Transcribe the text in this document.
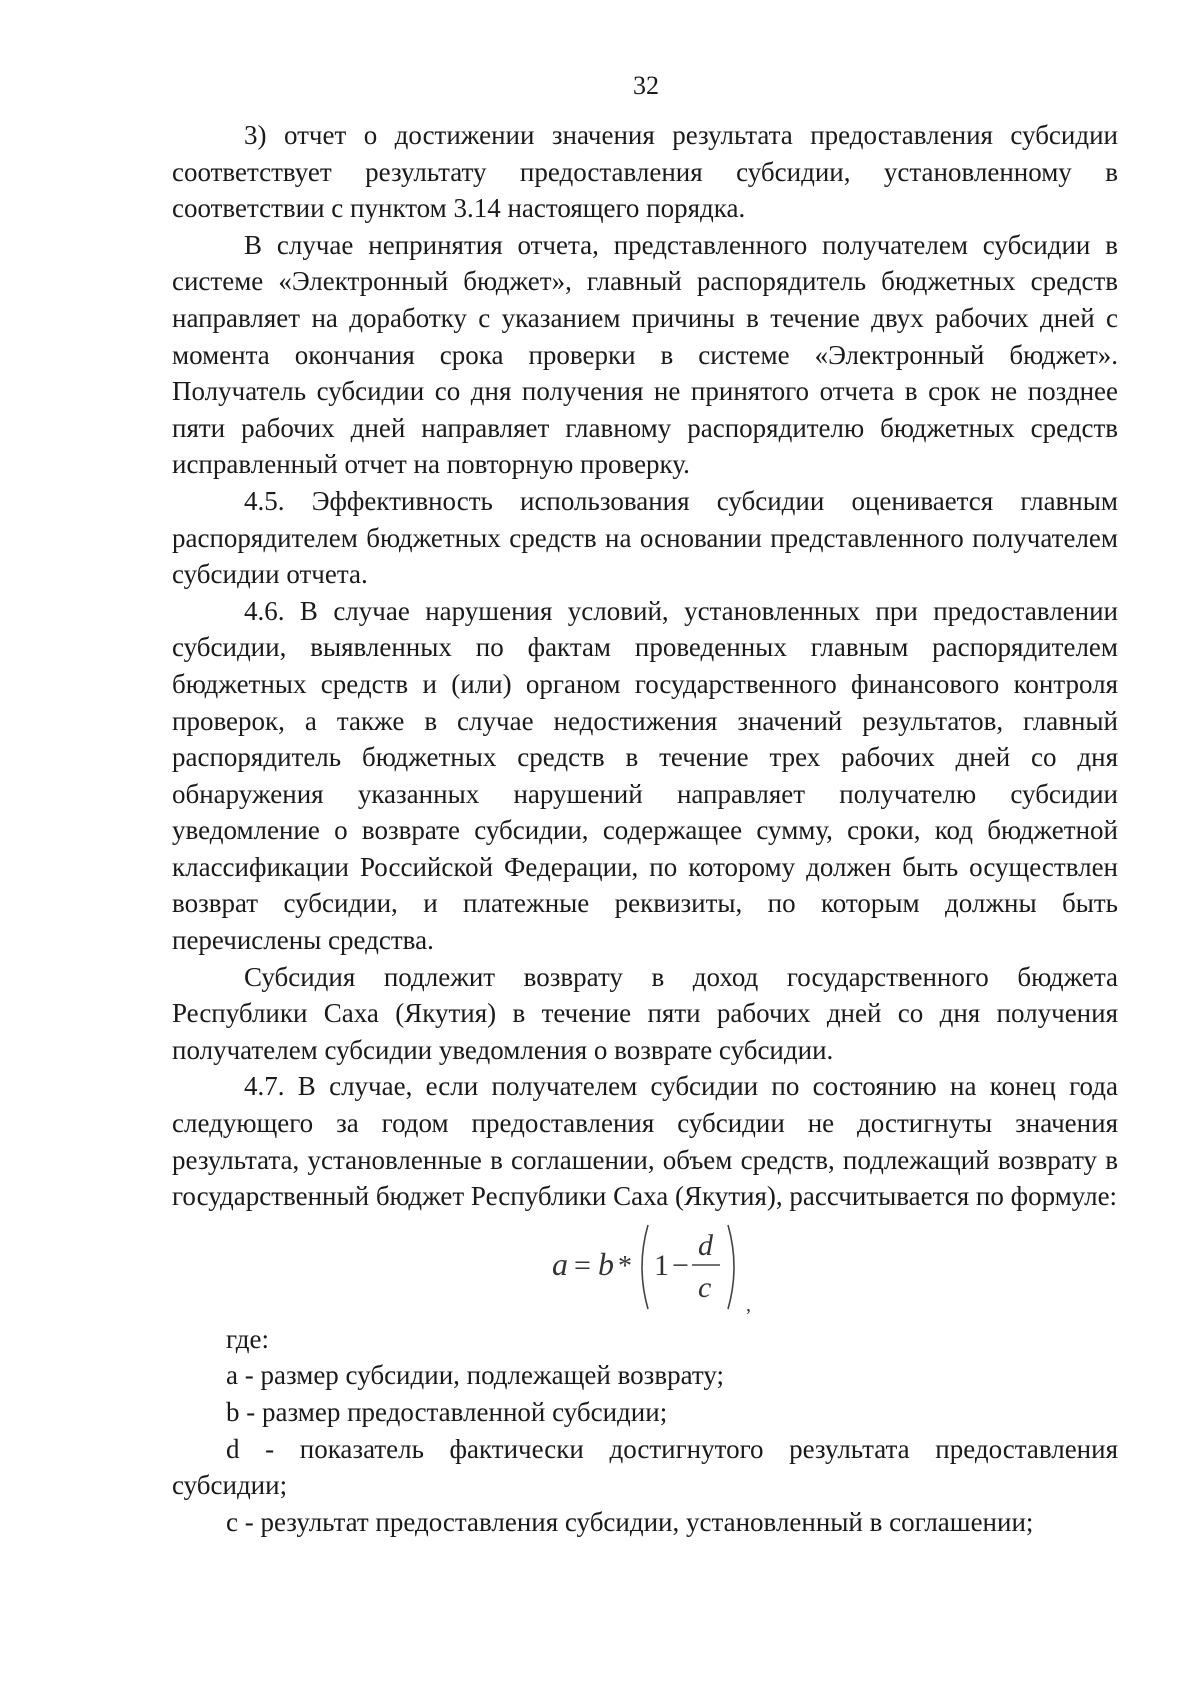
32

3) отчет о достижении значения результата предоставления субсидии соответствует результату предоставления субсидии, установленному в соответствии с пунктом 3.14 настоящего порядка.

В случае непринятия отчета, представленного получателем субсидии в системе «Электронный бюджет», главный распорядитель бюджетных средств направляет на доработку с указанием причины в течение двух рабочих дней с момента окончания срока проверки в системе «Электронный бюджет». Получатель субсидии со дня получения не принятого отчета в срок не позднее пяти рабочих дней направляет главному распорядителю бюджетных средств исправленный отчет на повторную проверку.

4.5. Эффективность использования субсидии оценивается главным распорядителем бюджетных средств на основании представленного получателем субсидии отчета.

4.6. В случае нарушения условий, установленных при предоставлении субсидии, выявленных по фактам проведенных главным распорядителем бюджетных средств и (или) органом государственного финансового контроля проверок, а также в случае недостижения значений результатов, главный распорядитель бюджетных средств в течение трех рабочих дней со дня обнаружения указанных нарушений направляет получателю субсидии уведомление о возврате субсидии, содержащее сумму, сроки, код бюджетной классификации Российской Федерации, по которому должен быть осуществлен возврат субсидии, и платежные реквизиты, по которым должны быть перечислены средства.

Субсидия подлежит возврату в доход государственного бюджета Республики Саха (Якутия) в течение пяти рабочих дней со дня получения получателем субсидии уведомления о возврате субсидии.

4.7. В случае, если получателем субсидии по состоянию на конец года следующего за годом предоставления субсидии не достигнуты значения результата, установленные в соглашении, объем средств, подлежащий возврату в государственный бюджет Республики Саха (Якутия), рассчитывается по формуле:

a = b * 1 −
d
c
,

где:

a - размер субсидии, подлежащей возврату;

b - размер предоставленной субсидии;

d - показатель фактически достигнутого результата предоставления субсидии;

c - результат предоставления субсидии, установленный в соглашении;
